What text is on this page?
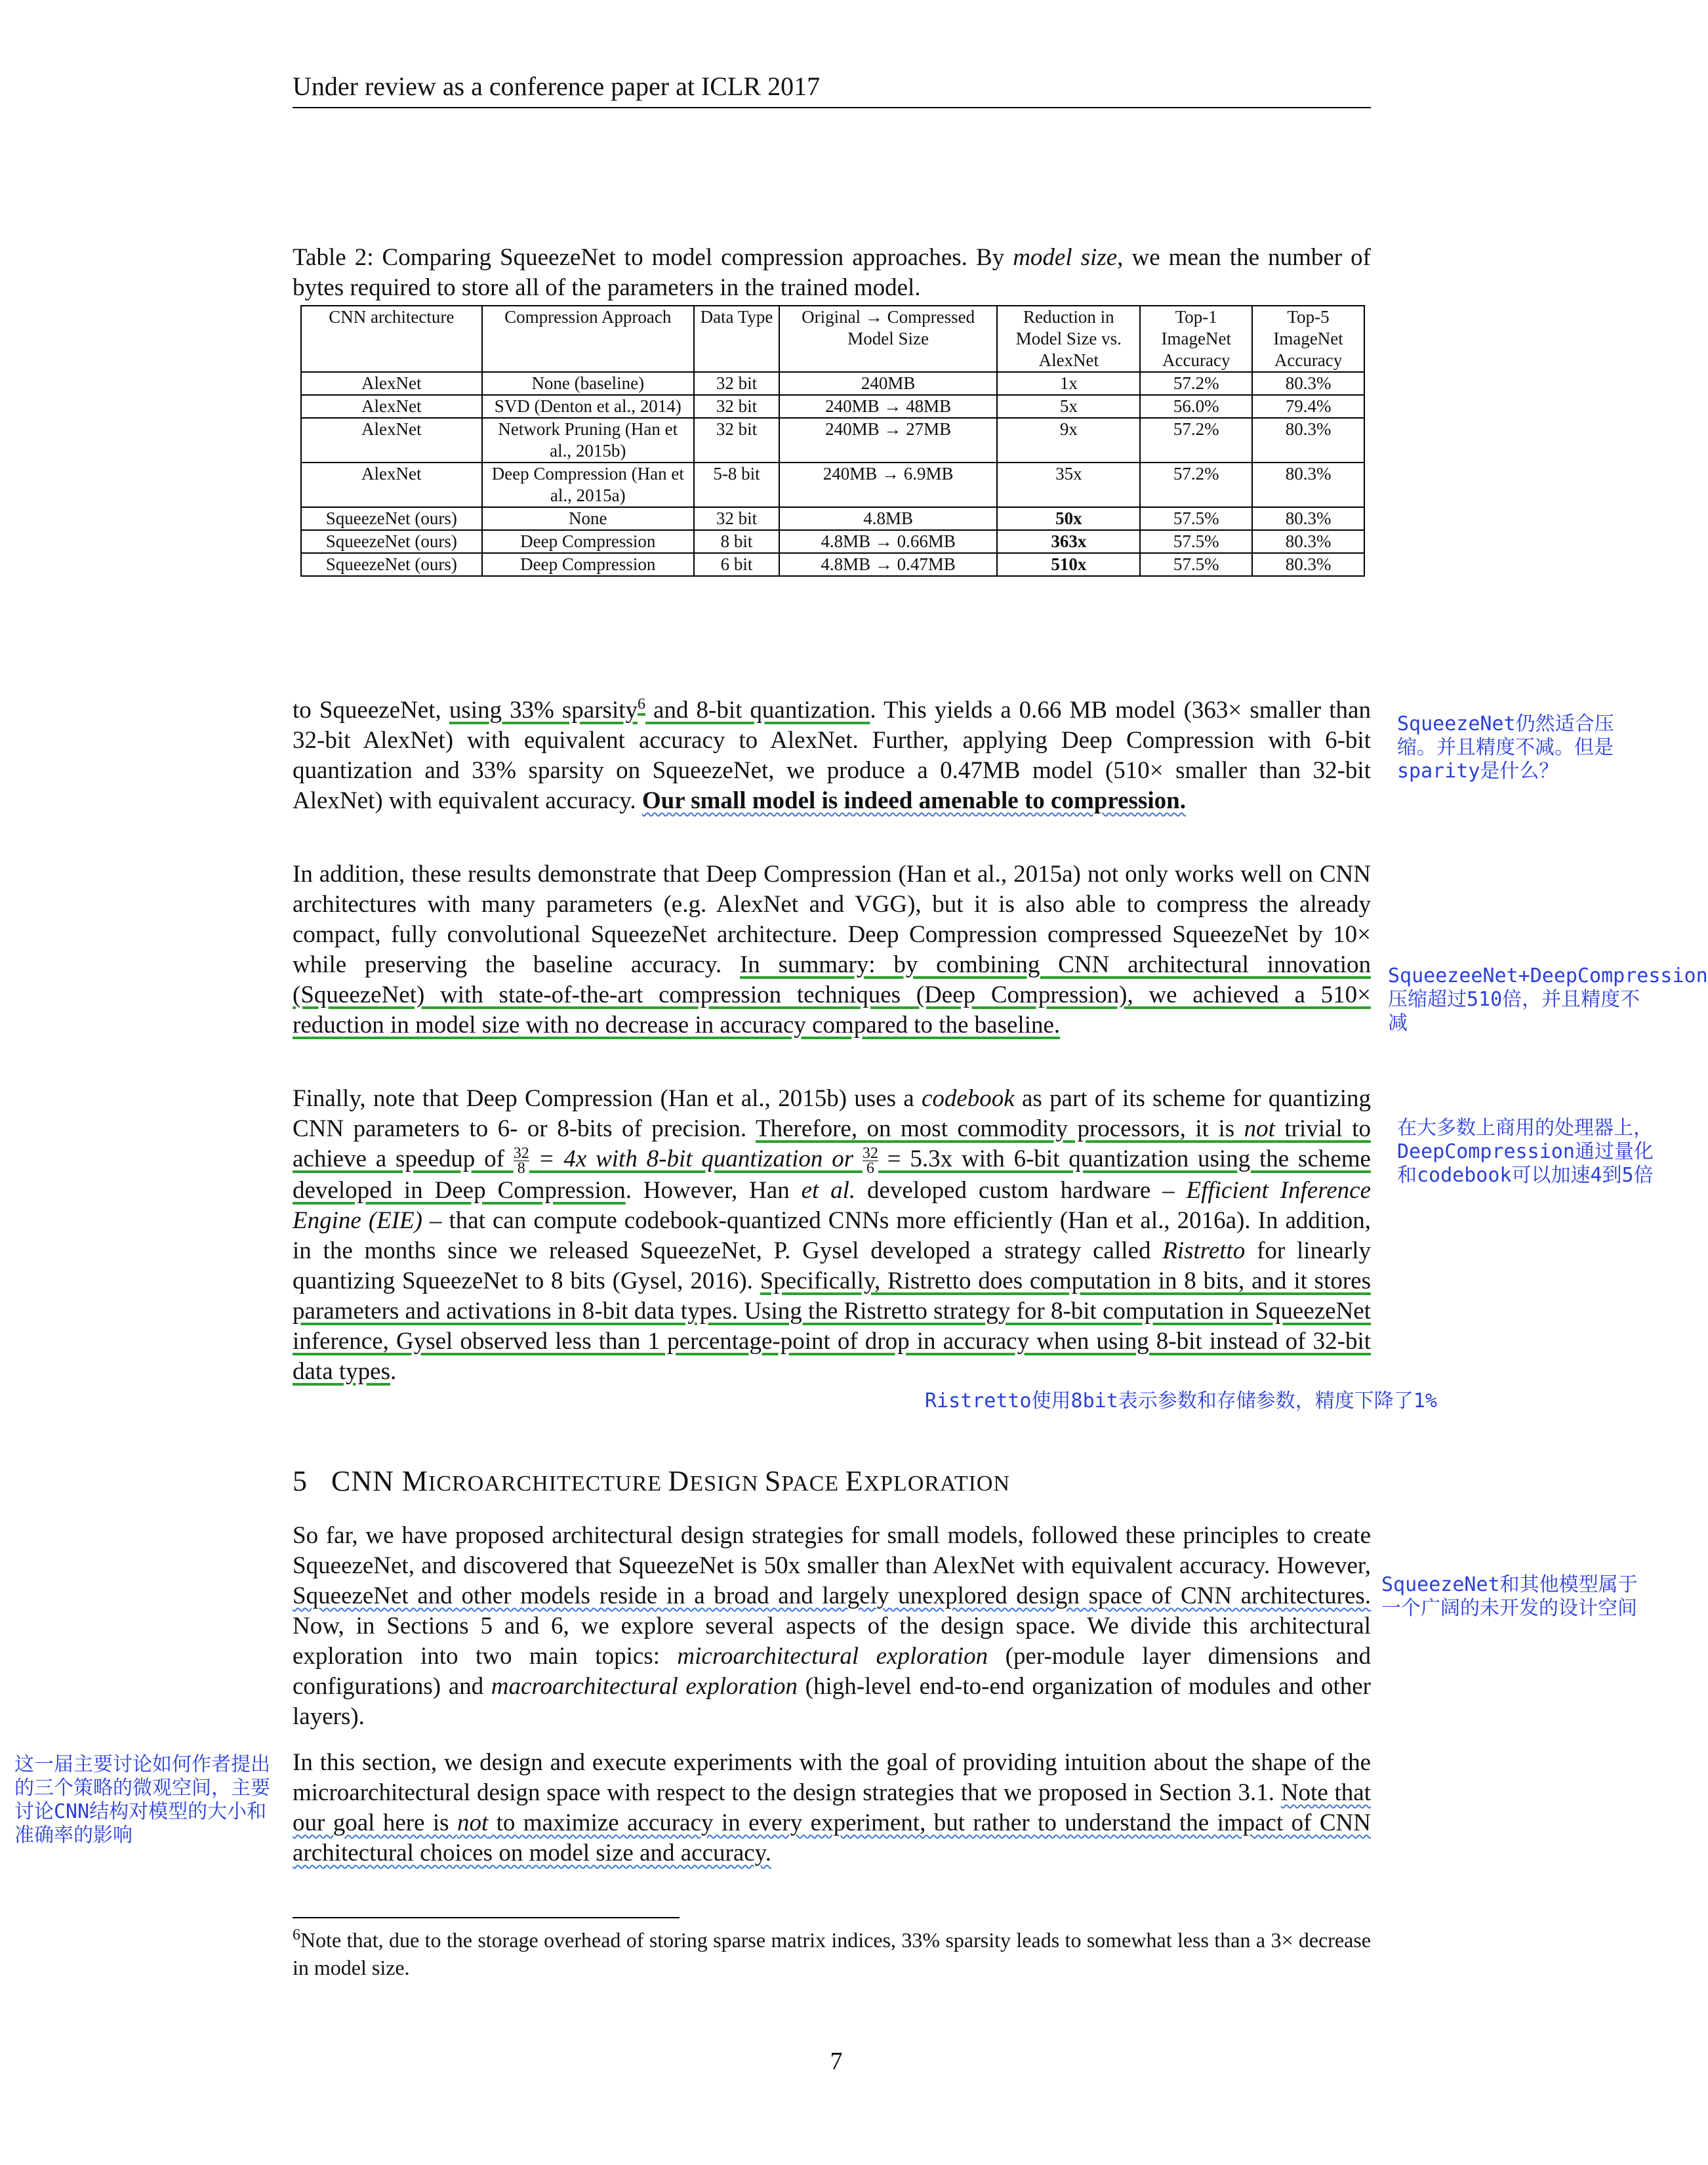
Under review as a conference paper at ICLR 2017
Table 2: Comparing SqueezeNet to model compression approaches. By model size, we mean the number of bytes required to store all of the parameters in the trained model.
CNN architecture	Compression Approach	Data Type	Original → Compressed Model Size	Reduction in Model Size vs. AlexNet	Top-1 ImageNet Accuracy	Top-5 ImageNet Accuracy
AlexNet	None (baseline)	32 bit	240MB	1x	57.2%	80.3%
AlexNet	SVD (Denton et al., 2014)	32 bit	240MB → 48MB	5x	56.0%	79.4%
AlexNet	Network Pruning (Han et al., 2015b)	32 bit	240MB → 27MB	9x	57.2%	80.3%
AlexNet	Deep Compression (Han et al., 2015a)	5-8 bit	240MB → 6.9MB	35x	57.2%	80.3%
SqueezeNet (ours)	None	32 bit	4.8MB	50x	57.5%	80.3%
SqueezeNet (ours)	Deep Compression	8 bit	4.8MB → 0.66MB	363x	57.5%	80.3%
SqueezeNet (ours)	Deep Compression	6 bit	4.8MB → 0.47MB	510x	57.5%	80.3%

to SqueezeNet, using 33% sparsity$^6$ and 8-bit quantization. This yields a 0.66 MB model (363× smaller than 32-bit AlexNet) with equivalent accuracy to AlexNet. Further, applying Deep Compression with 6-bit quantization and 33% sparsity on SqueezeNet, we produce a 0.47MB model (510× smaller than 32-bit AlexNet) with equivalent accuracy. Our small model is indeed amenable to compression.

In addition, these results demonstrate that Deep Compression (Han et al., 2015a) not only works well on CNN architectures with many parameters (e.g. AlexNet and VGG), but it is also able to compress the already compact, fully convolutional SqueezeNet architecture. Deep Compression compressed SqueezeNet by 10× while preserving the baseline accuracy. In summary: by combining CNN architectural innovation (SqueezeNet) with state-of-the-art compression techniques (Deep Compression), we achieved a 510× reduction in model size with no decrease in accuracy compared to the baseline.

Finally, note that Deep Compression (Han et al., 2015b) uses a codebook as part of its scheme for quantizing CNN parameters to 6- or 8-bits of precision. Therefore, on most commodity processors, it is not trivial to achieve a speedup of $\frac{32}{8} = 4x$ with 8-bit quantization or $\frac{32}{6} = 5.3x$ with 6-bit quantization using the scheme developed in Deep Compression. However, Han et al. developed custom hardware – Efficient Inference Engine (EIE) – that can compute codebook-quantized CNNs more efficiently (Han et al., 2016a). In addition, in the months since we released SqueezeNet, P. Gysel developed a strategy called Ristretto for linearly quantizing SqueezeNet to 8 bits (Gysel, 2016). Specifically, Ristretto does computation in 8 bits, and it stores parameters and activations in 8-bit data types. Using the Ristretto strategy for 8-bit computation in SqueezeNet inference, Gysel observed less than 1 percentage-point of drop in accuracy when using 8-bit instead of 32-bit data types.

5 CNN MICROARCHITECTURE DESIGN SPACE EXPLORATION

So far, we have proposed architectural design strategies for small models, followed these principles to create SqueezeNet, and discovered that SqueezeNet is 50x smaller than AlexNet with equivalent accuracy. However, SqueezeNet and other models reside in a broad and largely unexplored design space of CNN architectures. Now, in Sections 5 and 6, we explore several aspects of the design space. We divide this architectural exploration into two main topics: microarchitectural exploration (per-module layer dimensions and configurations) and macroarchitectural exploration (high-level end-to-end organization of modules and other layers).

In this section, we design and execute experiments with the goal of providing intuition about the shape of the microarchitectural design space with respect to the design strategies that we proposed in Section 3.1. Note that our goal here is not to maximize accuracy in every experiment, but rather to understand the impact of CNN architectural choices on model size and accuracy.

$^6$Note that, due to the storage overhead of storing sparse matrix indices, 33% sparsity leads to somewhat less than a 3× decrease in model size.
7
SqueezeNet仍然适合压缩。并且精度不减。但是sparity是什么？
SqueezeeNet+DeepCompression压缩超过510倍，并且精度不减
在大多数上商用的处理器上，DeepCompression通过量化和codebook可以加速4到5倍
Ristretto使用8bit表示参数和存储参数，精度下降了1%
SqueezeNet和其他模型属于一个广阔的未开发的设计空间
这一届主要讨论如何作者提出的三个策略的微观空间，主要讨论CNN结构对模型的大小和准确率的影响
